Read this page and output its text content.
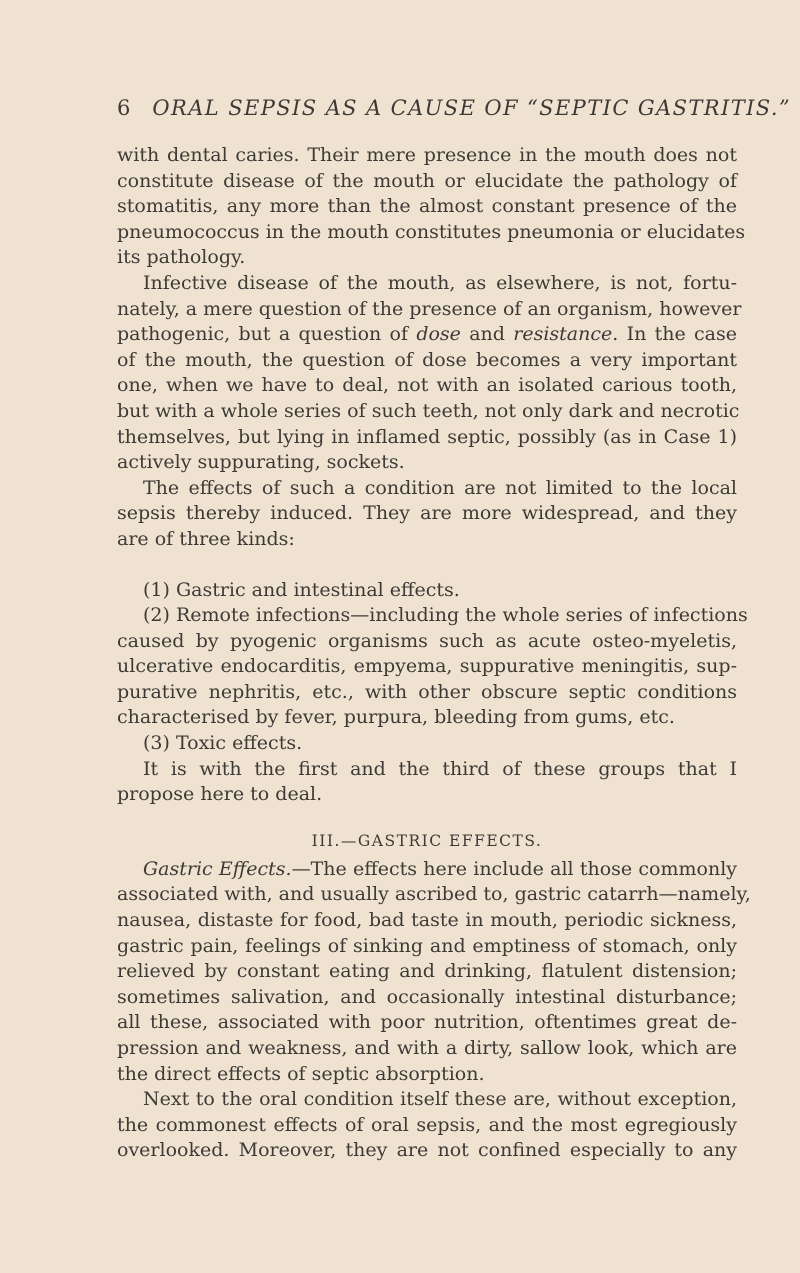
6 ORAL SEPSIS AS A CAUSE OF “SEPTIC GASTRITIS.”
with dental caries. Their mere presence in the mouth does not
constitute disease of the mouth or elucidate the pathology of
stomatitis, any more than the almost constant presence of the
pneumococcus in the mouth constitutes pneumonia or elucidates
its pathology.
Infective disease of the mouth, as elsewhere, is not, fortu-
nately, a mere question of the presence of an organism, however
pathogenic, but a question of dose and resistance. In the case
of the mouth, the question of dose becomes a very important
one, when we have to deal, not with an isolated carious tooth,
but with a whole series of such teeth, not only dark and necrotic
themselves, but lying in inflamed septic, possibly (as in Case 1)
actively suppurating, sockets.
The effects of such a condition are not limited to the local
sepsis thereby induced. They are more widespread, and they
are of three kinds:
(1) Gastric and intestinal effects.
(2) Remote infections—including the whole series of infections
caused by pyogenic organisms such as acute osteo-myeletis,
ulcerative endocarditis, empyema, suppurative meningitis, sup-
purative nephritis, etc., with other obscure septic conditions
characterised by fever, purpura, bleeding from gums, etc.
(3) Toxic effects.
It is with the first and the third of these groups that I
propose here to deal.
III.—GASTRIC EFFECTS.
Gastric Effects.—The effects here include all those commonly
associated with, and usually ascribed to, gastric catarrh—namely,
nausea, distaste for food, bad taste in mouth, periodic sickness,
gastric pain, feelings of sinking and emptiness of stomach, only
relieved by constant eating and drinking, flatulent distension;
sometimes salivation, and occasionally intestinal disturbance;
all these, associated with poor nutrition, oftentimes great de-
pression and weakness, and with a dirty, sallow look, which are
the direct effects of septic absorption.
Next to the oral condition itself these are, without exception,
the commonest effects of oral sepsis, and the most egregiously
overlooked. Moreover, they are not confined especially to any
